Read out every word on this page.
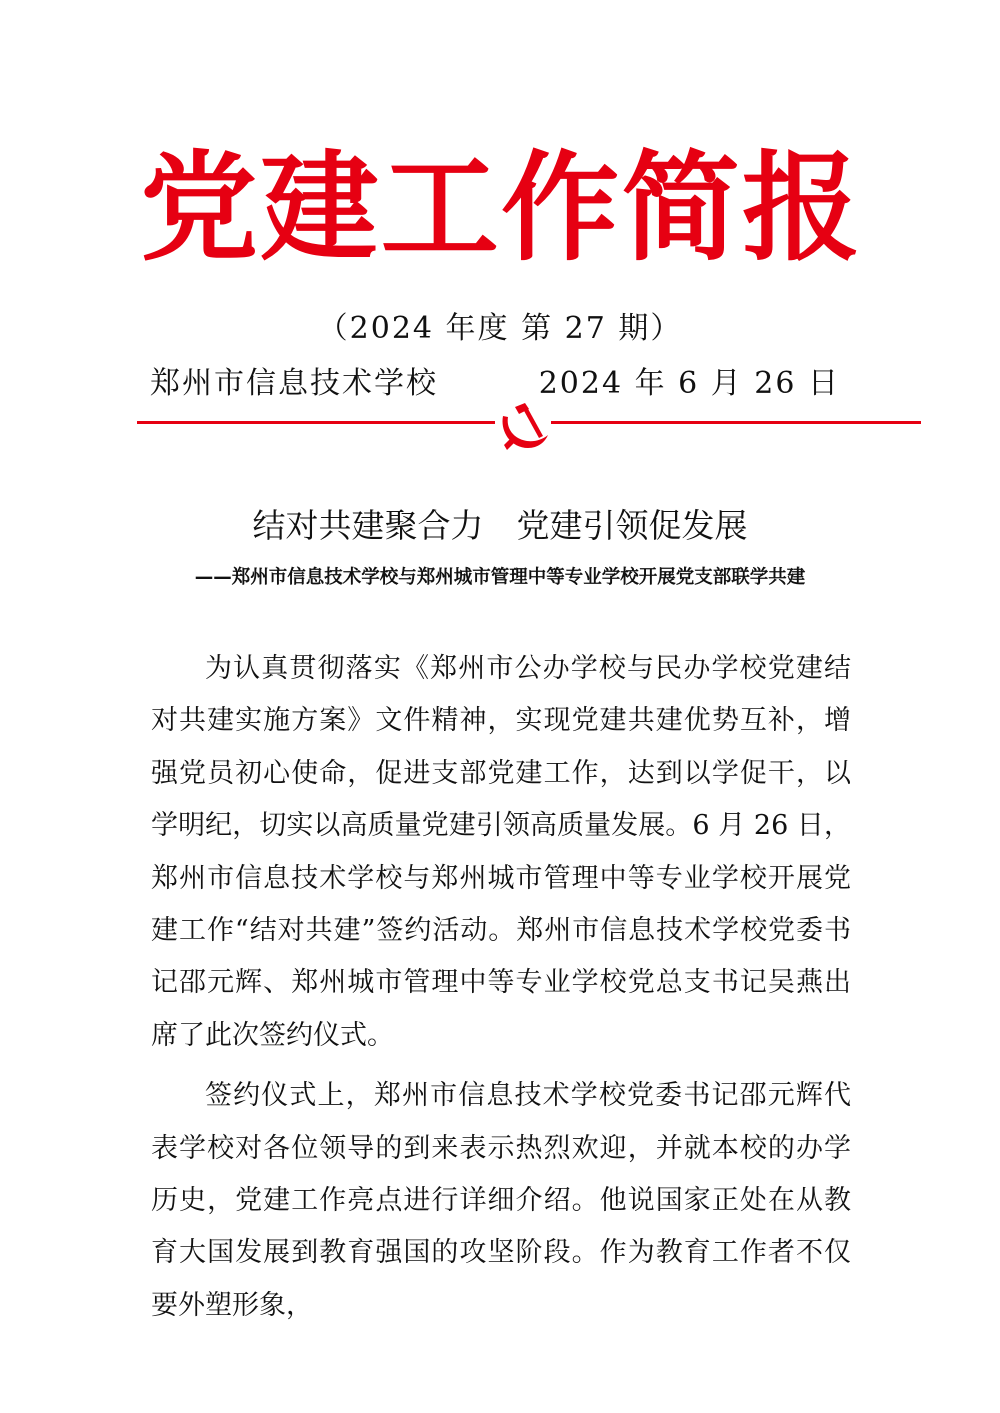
党 建 工 作 简 报
（2024 年度 第 27 期）
郑州市信息技术学校	2024 年 6 月 26 日
结对共建聚合力　党建引领促发展
——郑州市信息技术学校与郑州城市管理中等专业学校开展党支部联学共建

为认真贯彻落实《郑州市公办学校与民办学校党建结对共建实施方案》文件精神，实现党建共建优势互补，增强党员初心使命，促进支部党建工作，达到以学促干，以学明纪，切实以高质量党建引领高质量发展。6 月 26 日，郑州市信息技术学校与郑州城市管理中等专业学校开展党建工作“结对共建”签约活动。郑州市信息技术学校党委书记邵元辉、郑州城市管理中等专业学校党总支书记吴燕出席了此次签约仪式。

签约仪式上，郑州市信息技术学校党委书记邵元辉代表学校对各位领导的到来表示热烈欢迎，并就本校的办学历史，党建工作亮点进行详细介绍。他说国家正处在从教育大国发展到教育强国的攻坚阶段。作为教育工作者不仅要外塑形象，
